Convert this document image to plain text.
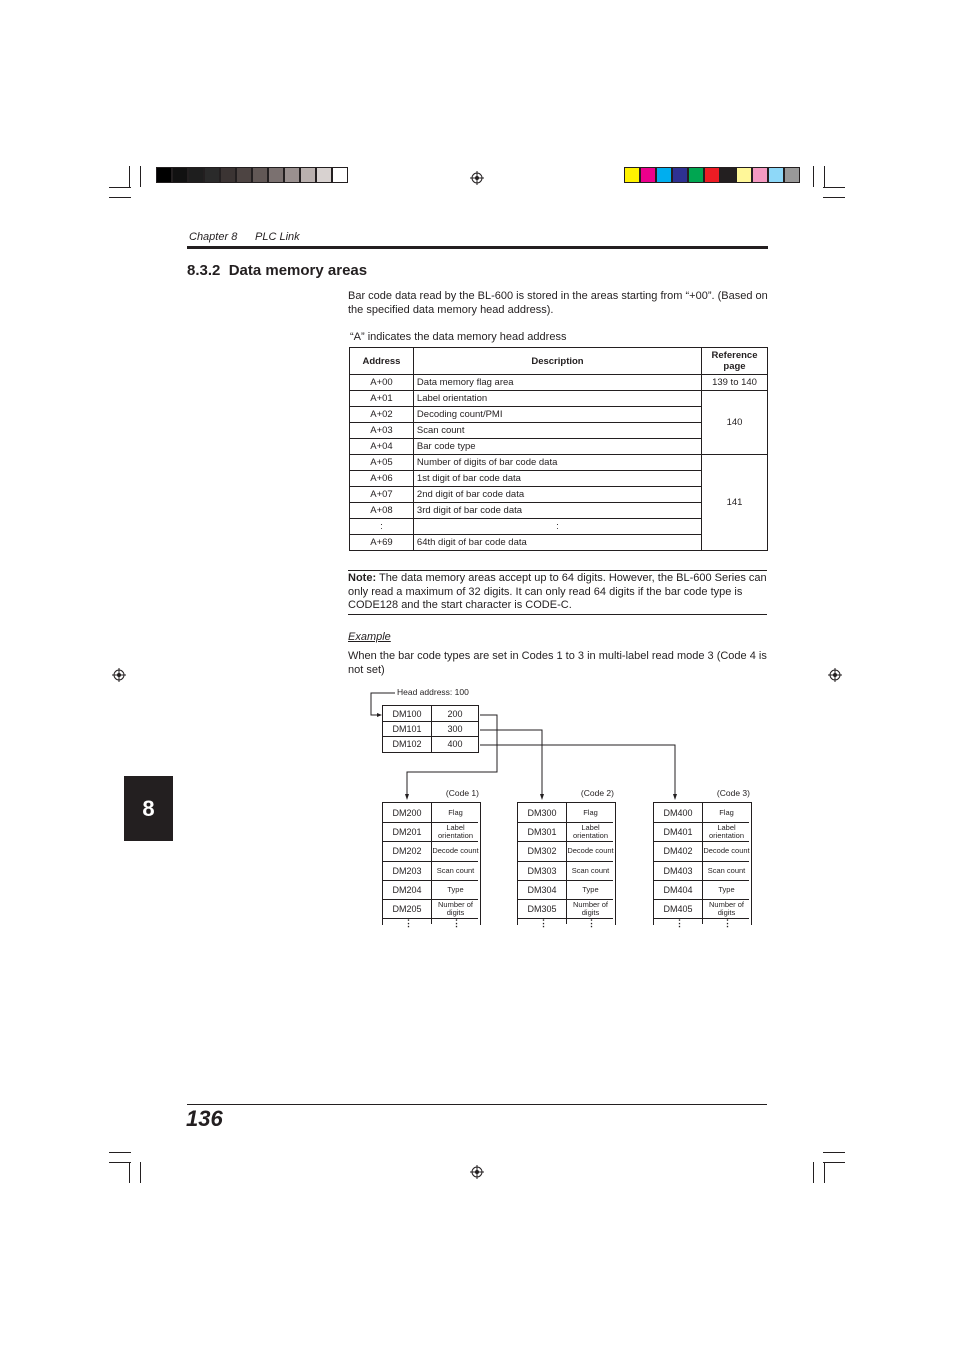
Chapter 8 PLC Link
8.3.2  Data memory areas
Bar code data read by the BL-600 is stored in the areas starting from “+00”. (Based on the specified data memory head address).
“A” indicates the data memory head address
Address	Description	Reference page
A+00	Data memory flag area	139 to 140
A+01	Label orientation	140
A+02	Decoding count/PMI	
A+03	Scan count	
A+04	Bar code type	
A+05	Number of digits of bar code data	141
A+06	1st digit of bar code data	
A+07	2nd digit of bar code data	
A+08	3rd digit of bar code data	
:	:	
A+69	64th digit of bar code data	
Note: The data memory areas accept up to 64 digits. However, the BL-600 Series can only read a maximum of 32 digits. It can only read 64 digits if the bar code type is CODE128 and the start character is CODE-C.
Example
When the bar code types are set in Codes 1 to 3 in multi-label read mode 3 (Code 4 is not set)
Head address: 100
DM100	200
DM101	300
DM102	400
(Code 1)
DM200	Flag
DM201	Label orientation
DM202	Decode count
DM203	Scan count
DM204	Type
DM205	Number of digits
⋮	⋮
(Code 2)
DM300	Flag
DM301	Label orientation
DM302	Decode count
DM303	Scan count
DM304	Type
DM305	Number of digits
⋮	⋮
(Code 3)
DM400	Flag
DM401	Label orientation
DM402	Decode count
DM403	Scan count
DM404	Type
DM405	Number of digits
⋮	⋮
8
136
